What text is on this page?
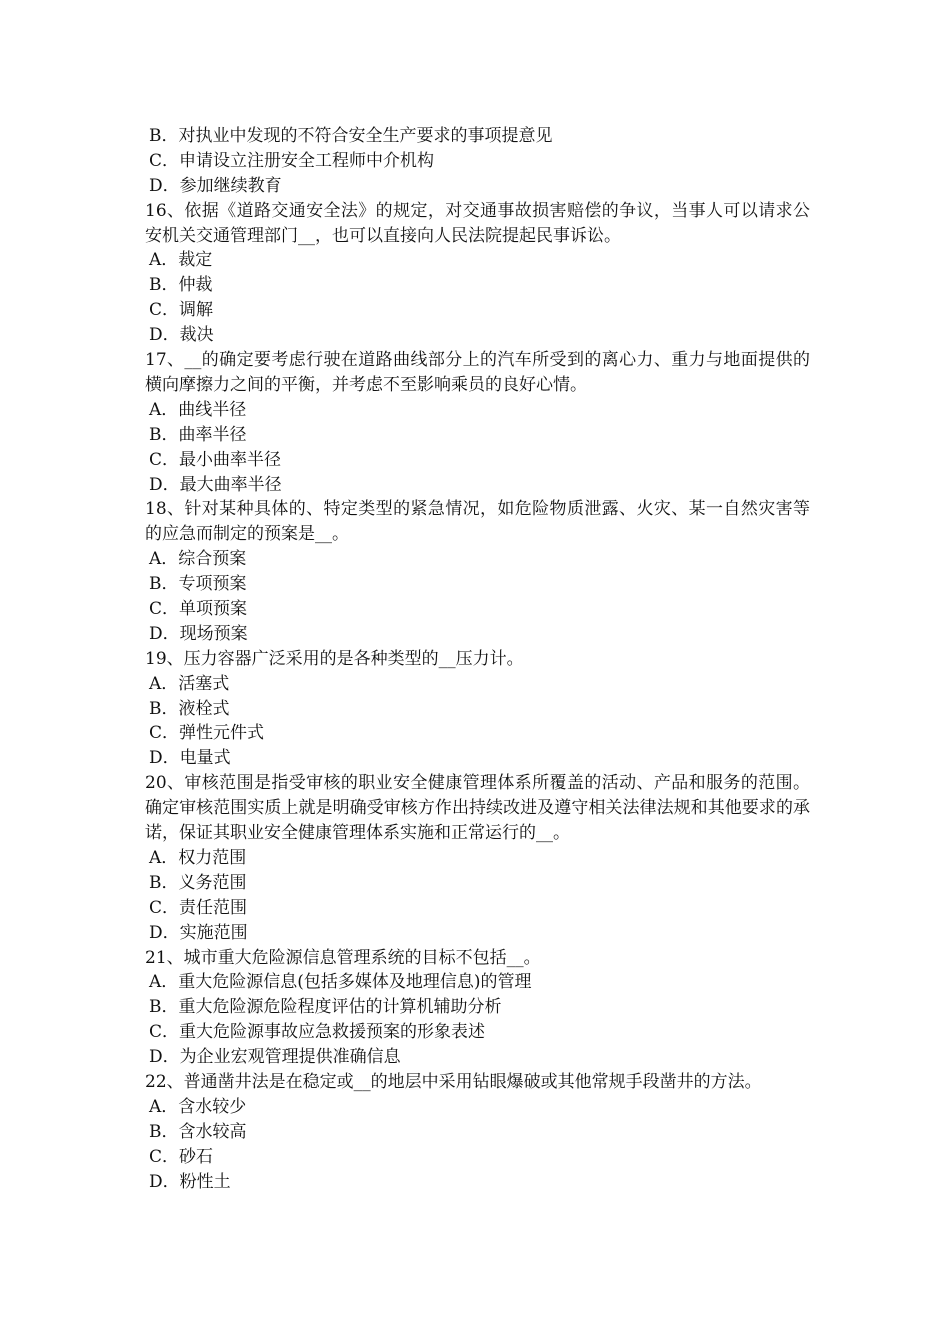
B．对执业中发现的不符合安全生产要求的事项提意见
C．申请设立注册安全工程师中介机构
D．参加继续教育
16、依据《道路交通安全法》的规定，对交通事故损害赔偿的争议，当事人可以请求公安机关交通管理部门__，也可以直接向人民法院提起民事诉讼。
A．裁定
B．仲裁
C．调解
D．裁决
17、__的确定要考虑行驶在道路曲线部分上的汽车所受到的离心力、重力与地面提供的横向摩擦力之间的平衡，并考虑不至影响乘员的良好心情。
A．曲线半径
B．曲率半径
C．最小曲率半径
D．最大曲率半径
18、针对某种具体的、特定类型的紧急情况，如危险物质泄露、火灾、某一自然灾害等的应急而制定的预案是__。
A．综合预案
B．专项预案
C．单项预案
D．现场预案
19、压力容器广泛采用的是各种类型的__压力计。
A．活塞式
B．液栓式
C．弹性元件式
D．电量式
20、审核范围是指受审核的职业安全健康管理体系所覆盖的活动、产品和服务的范围。确定审核范围实质上就是明确受审核方作出持续改进及遵守相关法律法规和其他要求的承诺，保证其职业安全健康管理体系实施和正常运行的__。
A．权力范围
B．义务范围
C．责任范围
D．实施范围
21、城市重大危险源信息管理系统的目标不包括__。
A．重大危险源信息(包括多媒体及地理信息)的管理
B．重大危险源危险程度评估的计算机辅助分析
C．重大危险源事故应急救援预案的形象表述
D．为企业宏观管理提供准确信息
22、普通凿井法是在稳定或__的地层中采用钻眼爆破或其他常规手段凿井的方法。
A．含水较少
B．含水较高
C．砂石
D．粉性土
